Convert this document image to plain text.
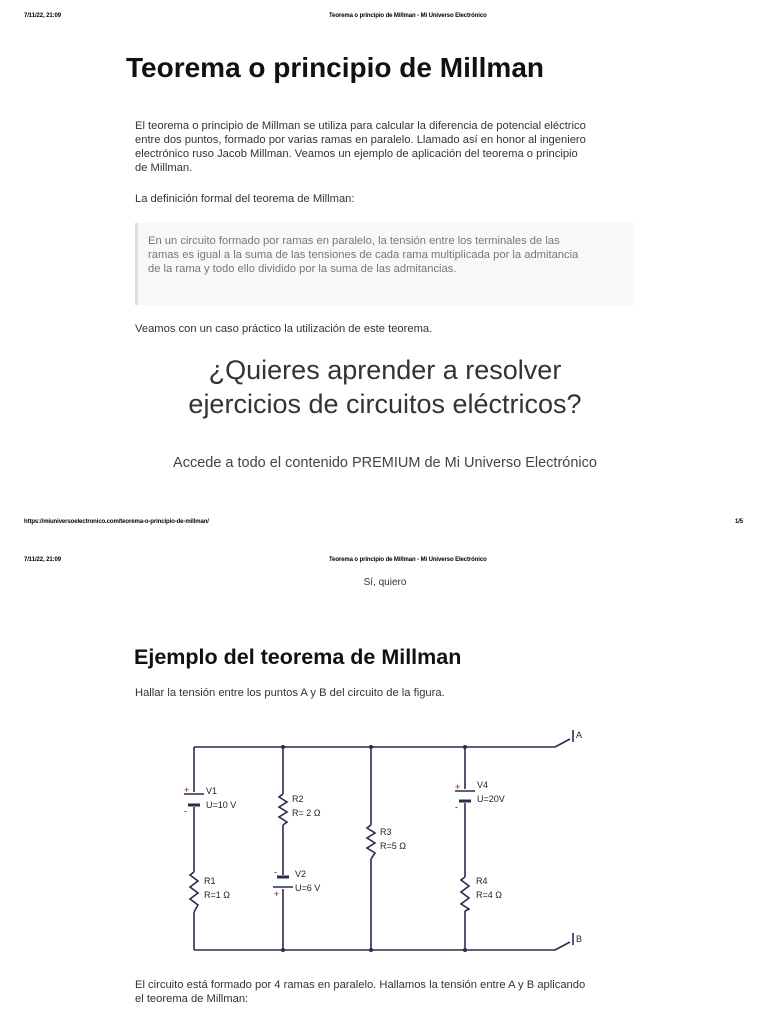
7/11/22, 21:09	Teorema o principio de Millman - Mi Universo Electrónico
Teorema o principio de Millman
El teorema o principio de Millman se utiliza para calcular la diferencia de potencial eléctrico
entre dos puntos, formado por varias ramas en paralelo. Llamado así en honor al ingeniero
electrónico ruso Jacob Millman. Veamos un ejemplo de aplicación del teorema o principio
de Millman.
La definición formal del teorema de Millman:
En un circuito formado por ramas en paralelo, la tensión entre los terminales de las
ramas es igual a la suma de las tensiones de cada rama multiplicada por la admitancia
de la rama y todo ello dividido por la suma de las admitancias.
Veamos con un caso práctico la utilización de este teorema.
¿Quieres aprender a resolver
ejercicios de circuitos eléctricos?
Accede a todo el contenido PREMIUM de Mi Universo Electrónico
https://miuniversoelectronico.com/teorema-o-principio-de-millman/	1/5
7/11/22, 21:09	Teorema o principio de Millman - Mi Universo Electrónico
Sí, quiero
Ejemplo del teorema de Millman
Hallar la tensión entre los puntos A y B del circuito de la figura.
+
-
V1
U=10 V
R1
R=1 Ω
R2
R= 2 Ω
-
+
V2
U=6 V
R3
R=5 Ω
+
-
V4
U=20V
R4
R=4 Ω
A
B
El circuito está formado por 4 ramas en paralelo. Hallamos la tensión entre A y B aplicando
el teorema de Millman:
